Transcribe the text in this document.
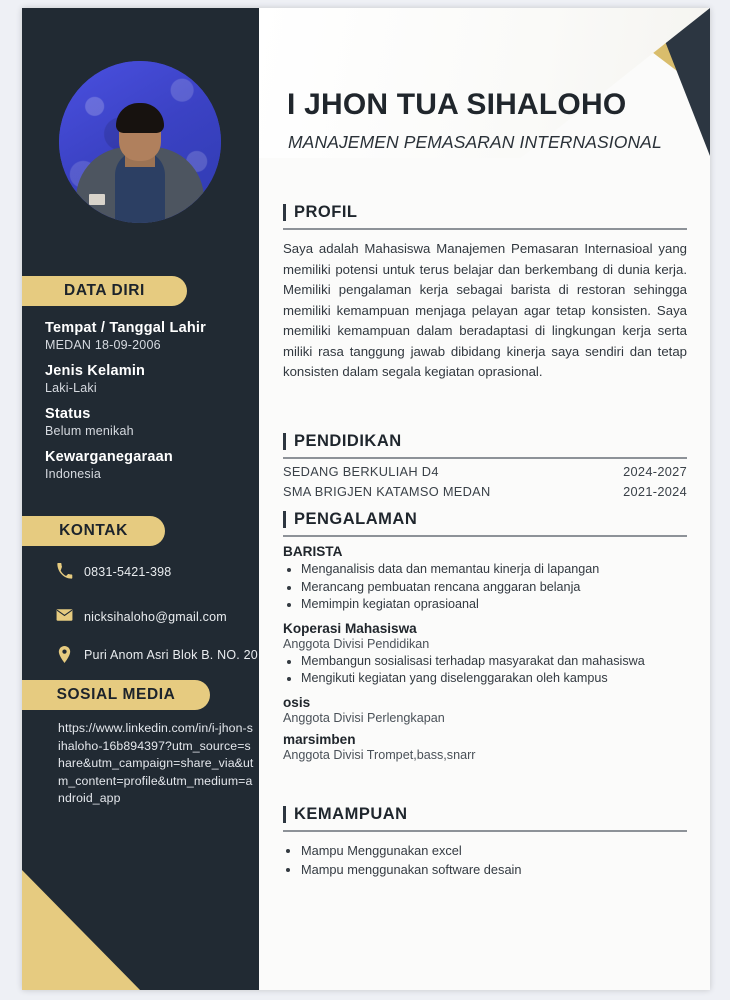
DATA DIRI

Tempat / Tanggal Lahir

MEDAN 18-09-2006

Jenis Kelamin

Laki-Laki

Status

Belum menikah

Kewarganegaraan

Indonesia

KONTAK
0831-5421-398
nicksihaloho@gmail.com
Puri Anom Asri Blok B. NO. 20
SOSIAL MEDIA
https://www.linkedin.com/in/i-jhon-sihaloho-16b894397?utm_source=share&utm_campaign=share_via&utm_content=profile&utm_medium=android_app
I JHON TUA SIHALOHO
MANAJEMEN PEMASARAN INTERNASIONAL
PROFIL

Saya adalah Mahasiswa Manajemen Pemasaran Internasioal yang memiliki potensi untuk terus belajar dan berkembang di dunia kerja. Memiliki pengalaman kerja sebagai barista di restoran sehingga memiliki kemampuan menjaga pelayan agar tetap konsisten. Saya memiliki kemampuan dalam beradaptasi di lingkungan kerja serta miliki rasa tanggung jawab dibidang kinerja saya sendiri dan tetap konsisten dalam segala kegiatan oprasional.

PENDIDIKAN
SEDANG BERKULIAH D4	2024-2027
SMA BRIGJEN KATAMSO MEDAN	2021-2024
PENGALAMAN
BARISTA
• Menganalisis data dan memantau kinerja di lapangan
• Merancang pembuatan rencana anggaran belanja
• Memimpin kegiatan oprasioanal
Koperasi Mahasiswa
Anggota Divisi Pendidikan
• Membangun sosialisasi terhadap masyarakat dan mahasiswa
• Mengikuti kegiatan yang diselenggarakan oleh kampus
osis
Anggota Divisi Perlengkapan
marsimben
Anggota Divisi Trompet,bass,snarr
KEMAMPUAN
• Mampu Menggunakan excel
• Mampu menggunakan software desain
